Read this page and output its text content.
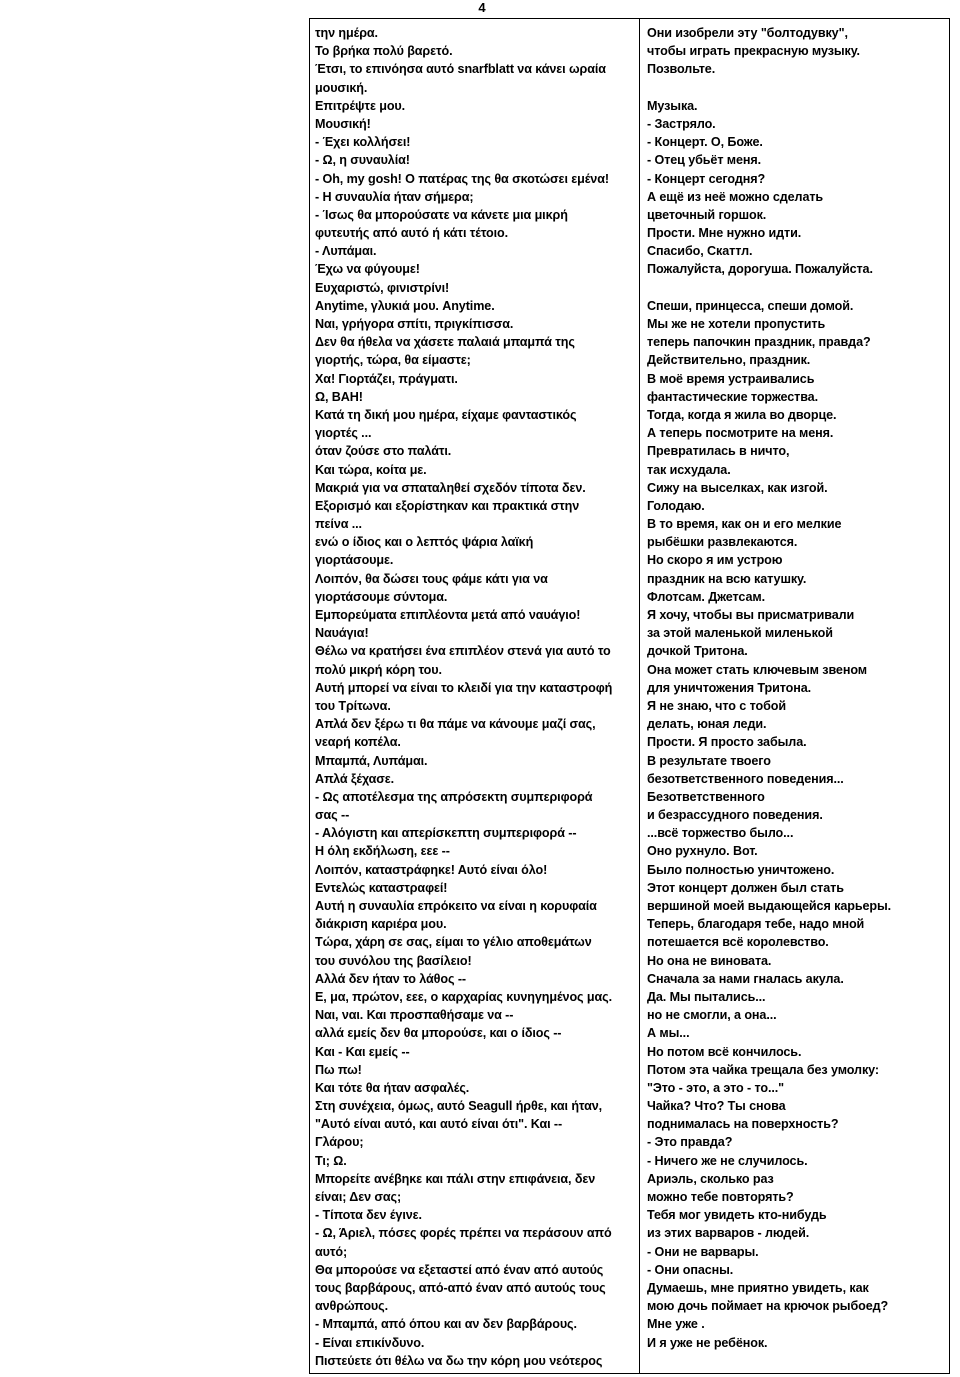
4
την ημέρα.
Το βρήκα πολύ βαρετό.
Έτσι, το επινόησα αυτό snarfblatt να κάνει ωραία
μουσική.
Επιτρέψτε μου.
Μουσική!
- Έχει κολλήσει!
- Ω, η συναυλία!
- Oh, my gosh! Ο πατέρας της θα σκοτώσει εμένα!
- Η συναυλία ήταν σήμερα;
- Ίσως θα μπορούσατε να κάνετε μια μικρή
φυτευτής από αυτό ή κάτι τέτοιο.
- Λυπάμαι.
Έχω να φύγουμε!
Ευχαριστώ, φινιστρίνι!
Anytime, γλυκιά μου. Anytime.
Ναι, γρήγορα σπίτι, πριγκίπισσα.
Δεν θα ήθελα να χάσετε παλαιά μπαμπά της
γιορτής, τώρα, θα είμαστε;
Χα! Γιορτάζει, πράγματι.
Ω, BAH!
Κατά τη δική μου ημέρα, είχαμε φανταστικός
γιορτές ...
όταν ζούσε στο παλάτι.
Και τώρα, κοίτα με.
Μακριά για να σπαταληθεί σχεδόν τίποτα δεν.
Εξορισμό και εξορίστηκαν και πρακτικά στην
πείνα ...
ενώ ο ίδιος και ο λεπτός ψάρια λαϊκή
γιορτάσουμε.
Λοιπόν, θα δώσει τους φάμε κάτι για να
γιορτάσουμε σύντομα.
Εμπορεύματα επιπλέοντα μετά από ναυάγιο!
Ναυάγια!
Θέλω να κρατήσει ένα επιπλέον στενά για αυτό το
πολύ μικρή κόρη του.
Αυτή μπορεί να είναι το κλειδί για την καταστροφή
του Τρίτωνα.
Απλά δεν ξέρω τι θα πάμε να κάνουμε μαζί σας,
νεαρή κοπέλα.
Μπαμπά, Λυπάμαι.
Απλά ξέχασε.
- Ως αποτέλεσμα της απρόσεκτη συμπεριφορά
σας --
- Αλόγιστη και απερίσκεπτη συμπεριφορά --
Η όλη εκδήλωση, εεε --
Λοιπόν, καταστράφηκε! Αυτό είναι όλο!
Εντελώς καταστραφεί!
Αυτή η συναυλία επρόκειτο να είναι η κορυφαία
διάκριση καριέρα μου.
Τώρα, χάρη σε σας, είμαι το γέλιο αποθεμάτων
του συνόλου της βασίλειο!
Αλλά δεν ήταν το λάθος --
Ε, μα, πρώτον, εεε, ο καρχαρίας κυνηγημένος μας.
Ναι, ναι. Και προσπαθήσαμε να --
αλλά εμείς δεν θα μπορούσε, και ο ίδιος --
Και - Και εμείς --
Πω πω!
Και τότε θα ήταν ασφαλές.
Στη συνέχεια, όμως, αυτό Seagull ήρθε, και ήταν,
"Αυτό είναι αυτό, και αυτό είναι ότι". Και --
Γλάρου;
Τι; Ω.
Μπορείτε ανέβηκε και πάλι στην επιφάνεια, δεν
είναι; Δεν σας;
- Τίποτα δεν έγινε.
- Ω, Άριελ, πόσες φορές πρέπει να περάσουν από
αυτό;
Θα μπορούσε να εξεταστεί από έναν από αυτούς
τους βαρβάρους, από-από έναν από αυτούς τους
ανθρώπους.
- Μπαμπά, από όπου και αν δεν βαρβάρους.
- Είναι επικίνδυνο.
Πιστεύετε ότι θέλω να δω την κόρη μου νεότερος
Они изобрели эту "болтодувку",
чтобы играть прекрасную музыку.
Позвольте.
Музыка.
- Застряло.
- Концерт. О, Боже.
- Отец убьёт меня.
- Концерт сегодня?
А ещё из неё можно сделать
цветочный горшок.
Прости. Мне нужно идти.
Спасибо, Скаттл.
Пожалуйста, дорогуша. Пожалуйста.
Спеши, принцесса, спеши домой.
Мы же не хотели пропустить
теперь папочкин праздник, правда?
Действительно, праздник.
В моё время устраивались
фантастические торжества.
Тогда, когда я жила во дворце.
А теперь посмотрите на меня.
Превратилась в ничто,
так исхудала.
Сижу на выселках, как изгой.
Голодаю.
В то время, как он и его мелкие
рыбёшки развлекаются.
Но скоро я им устрою
праздник на всю катушку.
Флотсам. Джетсам.
Я хочу, чтобы вы присматривали
за этой маленькой миленькой
дочкой Тритона.
Она может стать ключевым звеном
для уничтожения Тритона.
Я не знаю, что с тобой
делать, юная леди.
Прости. Я просто забыла.
В результате твоего
безответственного поведения...
Безответственного
и безрассудного поведения.
...всё торжество было...
Оно рухнуло. Вот.
Было полностью уничтожено.
Этот концерт должен был стать
вершиной моей выдающейся карьеры.
Теперь, благодаря тебе, надо мной
потешается всё королевство.
Но она не виновата.
Сначала за нами гналась акула.
Да. Мы пытались...
но не смогли, а она...
А мы...
Но потом всё кончилось.
Потом эта чайка трещала без умолку:
"Это - это, а это - то..."
Чайка? Что? Ты снова
поднималась на поверхность?
- Это правда?
- Ничего же не случилось.
Ариэль, сколько раз
можно тебе повторять?
Тебя мог увидеть кто-нибудь
из этих варваров - людей.
- Они не варвары.
- Они опасны.
Думаешь, мне приятно увидеть, как
мою дочь поймает на крючок рыбоед?
Мне уже .
И я уже не ребёнок.
